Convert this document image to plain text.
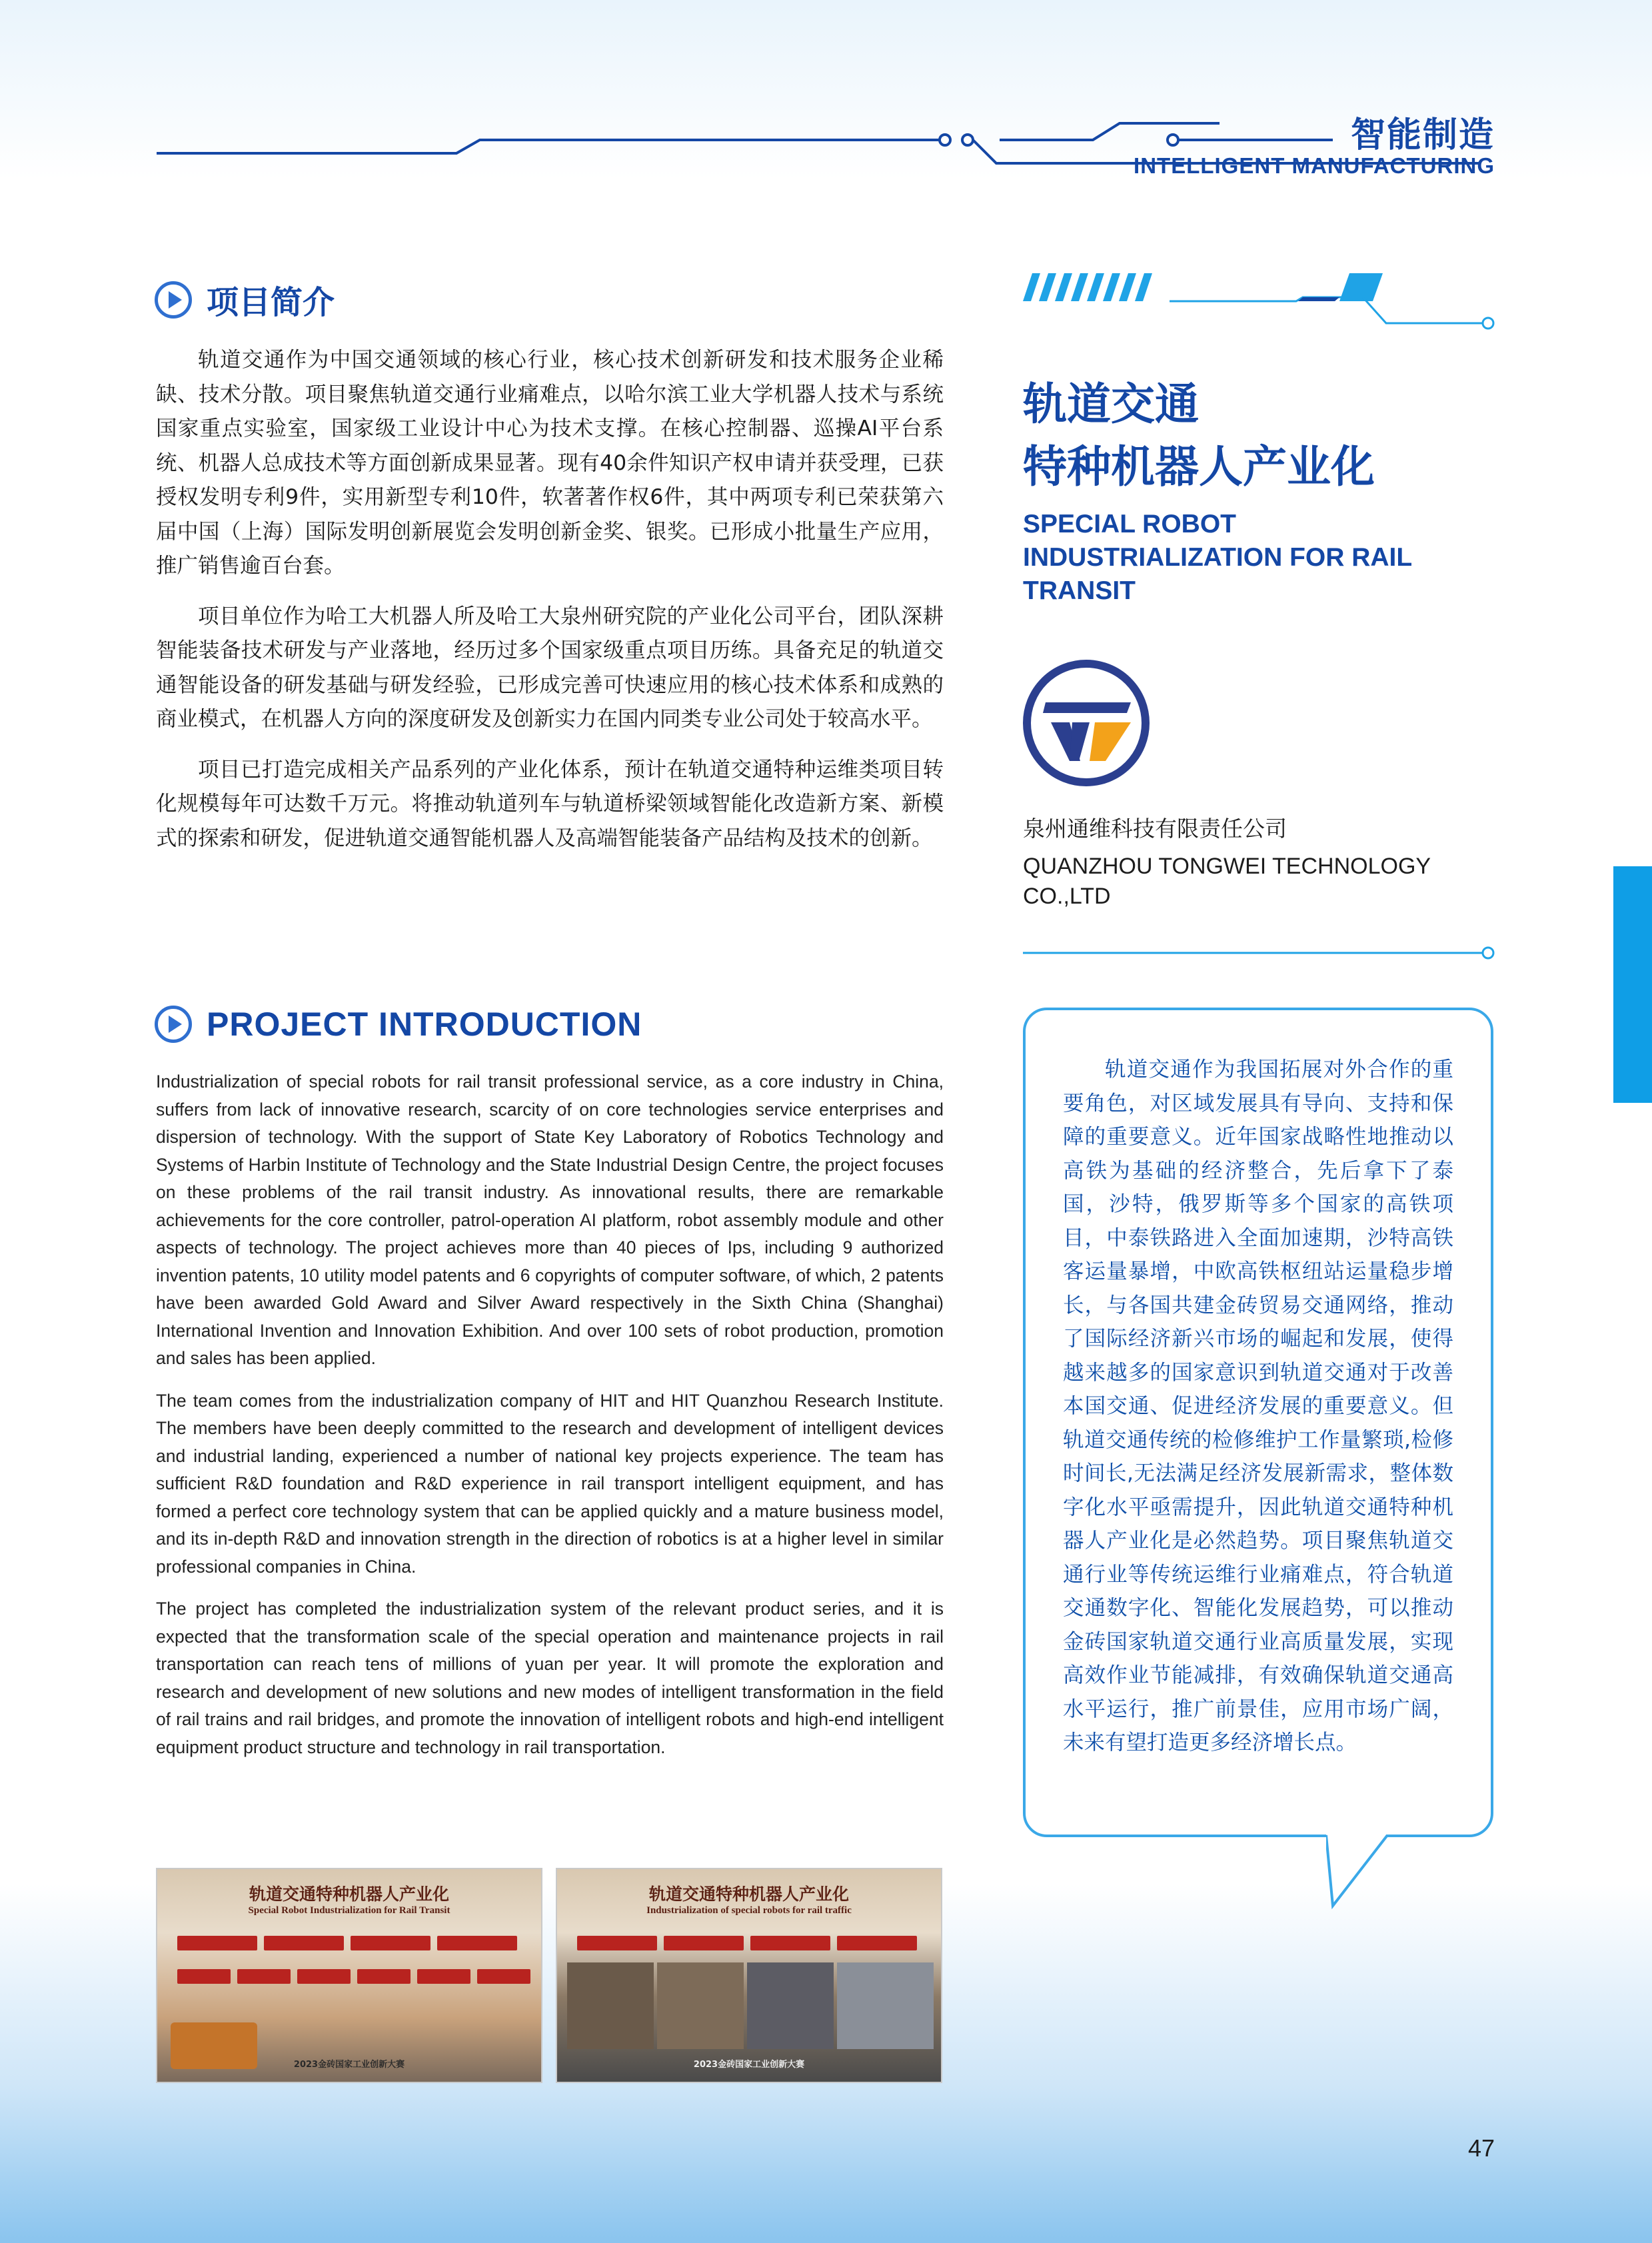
智能制造
INTELLIGENT MANUFACTURING
项目简介

轨道交通作为中国交通领域的核心行业，核心技术创新研发和技术服务企业稀缺、技术分散。项目聚焦轨道交通行业痛难点，以哈尔滨工业大学机器人技术与系统国家重点实验室，国家级工业设计中心为技术支撑。在核心控制器、巡操AI平台系统、机器人总成技术等方面创新成果显著。现有40余件知识产权申请并获受理，已获授权发明专利9件，实用新型专利10件，软著著作权6件，其中两项专利已荣获第六届中国（上海）国际发明创新展览会发明创新金奖、银奖。已形成小批量生产应用，推广销售逾百台套。

项目单位作为哈工大机器人所及哈工大泉州研究院的产业化公司平台，团队深耕智能装备技术研发与产业落地，经历过多个国家级重点项目历练。具备充足的轨道交通智能设备的研发基础与研发经验，已形成完善可快速应用的核心技术体系和成熟的商业模式，在机器人方向的深度研发及创新实力在国内同类专业公司处于较高水平。

项目已打造完成相关产品系列的产业化体系，预计在轨道交通特种运维类项目转化规模每年可达数千万元。将推动轨道列车与轨道桥梁领域智能化改造新方案、新模式的探索和研发，促进轨道交通智能机器人及高端智能装备产品结构及技术的创新。

PROJECT INTRODUCTION

Industrialization of special robots for rail transit professional service, as a core industry in China, suffers from lack of innovative research, scarcity of on core technologies service enterprises and dispersion of technology. With the support of State Key Laboratory of Robotics Technology and Systems of Harbin Institute of Technology and the State Industrial Design Centre, the project focuses on these problems of the rail transit industry. As innovational results, there are remarkable achievements for the core controller, patrol-operation AI platform, robot assembly module and other aspects of technology. The project achieves more than 40 pieces of Ips, including 9 authorized invention patents, 10 utility model patents and 6 copyrights of computer software, of which, 2 patents have been awarded Gold Award and Silver Award respectively in the Sixth China (Shanghai) International Invention and Innovation Exhibition. And over 100 sets of robot production, promotion and sales has been applied.

The team comes from the industrialization company of HIT and HIT Quanzhou Research Institute. The members have been deeply committed to the research and development of intelligent devices and industrial landing, experienced a number of national key projects experience. The team has sufficient R&D foundation and R&D experience in rail transport intelligent equipment, and has formed a perfect core technology system that can be applied quickly and a mature business model, and its in-depth R&D and innovation strength in the direction of robotics is at a higher level in similar professional companies in China.

The project has completed the industrialization system of the relevant product series, and it is expected that the transformation scale of the special operation and maintenance projects in rail transportation can reach tens of millions of yuan per year. It will promote the exploration and research and development of new solutions and new modes of intelligent transformation in the field of rail trains and rail bridges, and promote the innovation of intelligent robots and high-end intelligent equipment product structure and technology in rail transportation.

轨道交通
特种机器人产业化
SPECIAL ROBOT
INDUSTRIALIZATION FOR RAIL
TRANSIT
泉州通维科技有限责任公司
QUANZHOU TONGWEI TECHNOLOGY
CO.,LTD

轨道交通作为我国拓展对外合作的重要角色，对区域发展具有导向、支持和保障的重要意义。近年国家战略性地推动以高铁为基础的经济整合，先后拿下了泰国，沙特，俄罗斯等多个国家的高铁项目，中泰铁路进入全面加速期，沙特高铁客运量暴增，中欧高铁枢纽站运量稳步增长，与各国共建金砖贸易交通网络，推动了国际经济新兴市场的崛起和发展，使得越来越多的国家意识到轨道交通对于改善本国交通、促进经济发展的重要意义。但轨道交通传统的检修维护工作量繁琐,检修时间长,无法满足经济发展新需求，整体数字化水平亟需提升，因此轨道交通特种机器人产业化是必然趋势。项目聚焦轨道交通行业等传统运维行业痛难点，符合轨道交通数字化、智能化发展趋势，可以推动金砖国家轨道交通行业高质量发展，实现高效作业节能减排，有效确保轨道交通高水平运行，推广前景佳，应用市场广阔，未来有望打造更多经济增长点。

轨道交通特种机器人产业化
Special Robot Industrialization for Rail Transit
2023金砖国家工业创新大赛
轨道交通特种机器人产业化
Industrialization of special robots for rail traffic
2023金砖国家工业创新大赛
47
